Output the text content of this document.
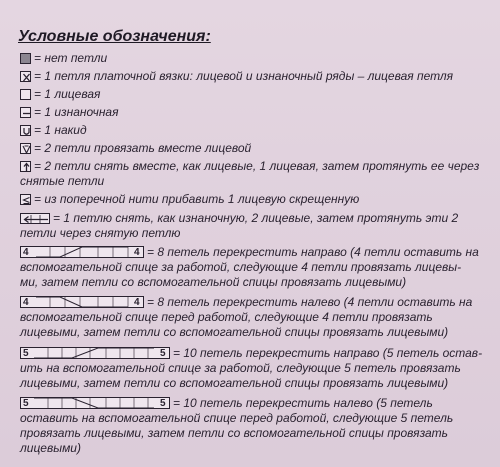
Условные обозначения:
= нет петли
= 1 петля платочной вязки: лицевой и изнаночный ряды – лицевая петля
= 1 лицевая
= 1 изнаночная
= 1 накид
= 2 петли провязать вместе лицевой
= 2 петли снять вместе, как лицевые, 1 лицевая, затем протянуть ее через
снятые петли
= из поперечной нити прибавить 1 лицевую скрещенную
= 1 петлю снять, как изнаночную, 2 лицевые, затем протянуть эти 2
петли через снятую петлю
4	4 = 8 петель перекрестить направо (4 петли оставить на
вспомогательной спице за работой, следующие 4 петли провязать лицевы-
ми, затем петли со вспомогательной спицы провязать лицевыми)
4	4 = 8 петель перекрестить налево (4 петли оставить на
вспомогательной спице перед работой, следующие 4 петли провязать
лицевыми, затем петли со вспомогательной спицы провязать лицевыми)
5	5 = 10 петель перекрестить направо (5 петель остав-
ить на вспомогательной спице за работой, следующие 5 петель провязать
лицевыми, затем петли со вспомогательной спицы провязать лицевыми)
5	5 = 10 петель перекрестить налево (5 петель
оставить на вспомогательной спице перед работой, следующие 5 петель
провязать лицевыми, затем петли со вспомогательной спицы провязать
лицевыми)
